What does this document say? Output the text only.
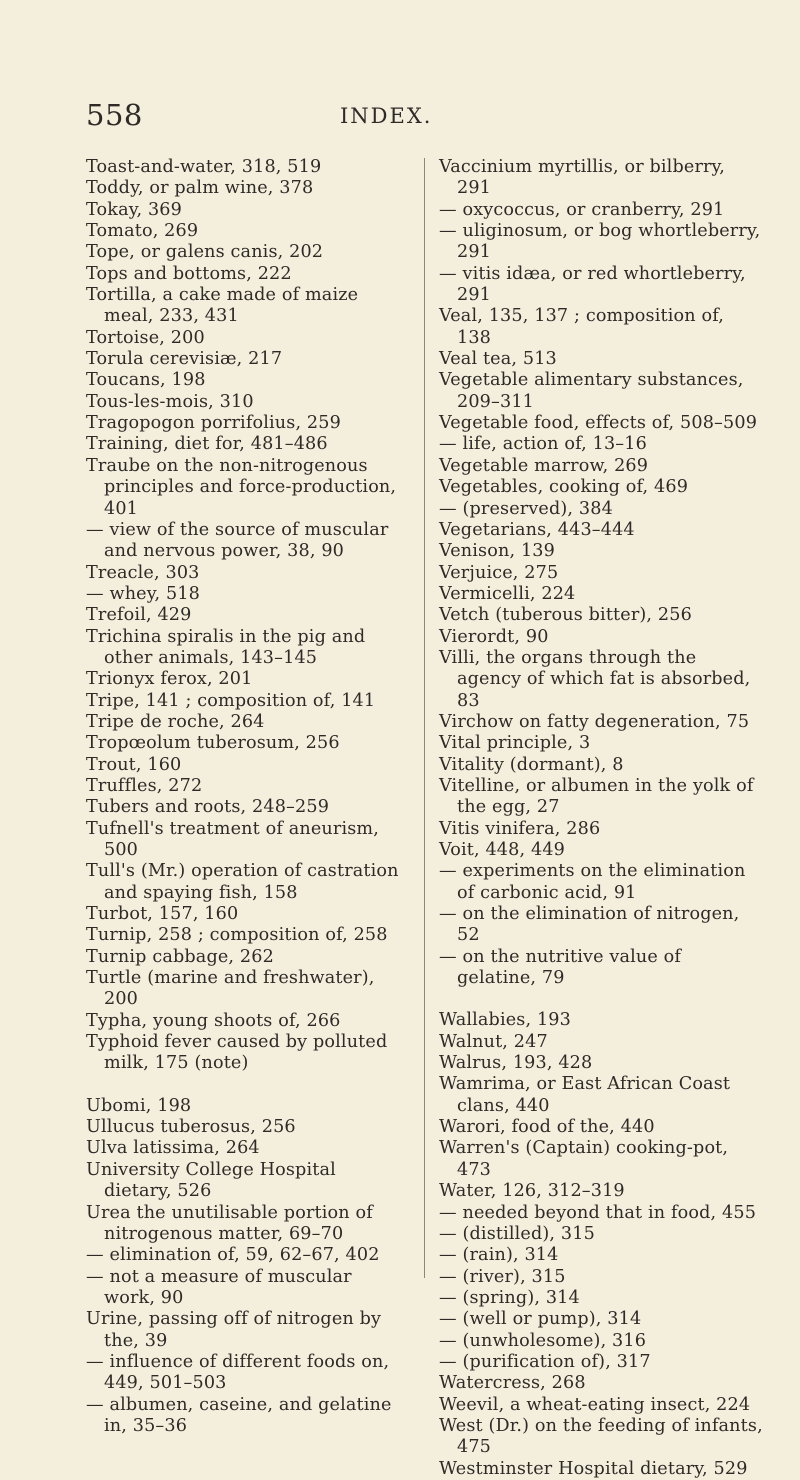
558	INDEX.

Toast-and-water, 318, 519

Toddy, or palm wine, 378

Tokay, 369

Tomato, 269

Tope, or galens canis, 202

Tops and bottoms, 222

Tortilla, a cake made of maize meal, 233, 431

Tortoise, 200

Torula cerevisiæ, 217

Toucans, 198

Tous-les-mois, 310

Tragopogon porrifolius, 259

Training, diet for, 481–486

Traube on the non-nitrogenous principles and force-production, 401

— view of the source of muscular and nervous power, 38, 90

Treacle, 303

— whey, 518

Trefoil, 429

Trichina spiralis in the pig and other animals, 143–145

Trionyx ferox, 201

Tripe, 141 ; composition of, 141

Tripe de roche, 264

Tropœolum tuberosum, 256

Trout, 160

Truffles, 272

Tubers and roots, 248–259

Tufnell's treatment of aneurism, 500

Tull's (Mr.) operation of castration and spaying fish, 158

Turbot, 157, 160

Turnip, 258 ; composition of, 258

Turnip cabbage, 262

Turtle (marine and freshwater), 200

Typha, young shoots of, 266

Typhoid fever caused by polluted milk, 175 (note)

Ubomi, 198

Ullucus tuberosus, 256

Ulva latissima, 264

University College Hospital dietary, 526

Urea the unutilisable portion of nitrogenous matter, 69–70

— elimination of, 59, 62–67, 402

— not a measure of muscular work, 90

Urine, passing off of nitrogen by the, 39

— influence of different foods on, 449, 501–503

— albumen, caseine, and gelatine in, 35–36

Vaccinium myrtillis, or bilberry, 291

— oxycoccus, or cranberry, 291

— uliginosum, or bog whortleberry, 291

— vitis idæa, or red whortleberry, 291

Veal, 135, 137 ; composition of, 138

Veal tea, 513

Vegetable alimentary substances, 209–311

Vegetable food, effects of, 508–509

— life, action of, 13–16

Vegetable marrow, 269

Vegetables, cooking of, 469

— (preserved), 384

Vegetarians, 443–444

Venison, 139

Verjuice, 275

Vermicelli, 224

Vetch (tuberous bitter), 256

Vierordt, 90

Villi, the organs through the agency of which fat is absorbed, 83

Virchow on fatty degeneration, 75

Vital principle, 3

Vitality (dormant), 8

Vitelline, or albumen in the yolk of the egg, 27

Vitis vinifera, 286

Voit, 448, 449

— experiments on the elimination of carbonic acid, 91

— on the elimination of nitrogen, 52

— on the nutritive value of gelatine, 79

Wallabies, 193

Walnut, 247

Walrus, 193, 428

Wamrima, or East African Coast clans, 440

Warori, food of the, 440

Warren's (Captain) cooking-pot, 473

Water, 126, 312–319

— needed beyond that in food, 455

— (distilled), 315

— (rain), 314

— (river), 315

— (spring), 314

— (well or pump), 314

— (unwholesome), 316

— (purification of), 317

Watercress, 268

Weevil, a wheat-eating insect, 224

West (Dr.) on the feeding of infants, 475

Westminster Hospital dietary, 529
